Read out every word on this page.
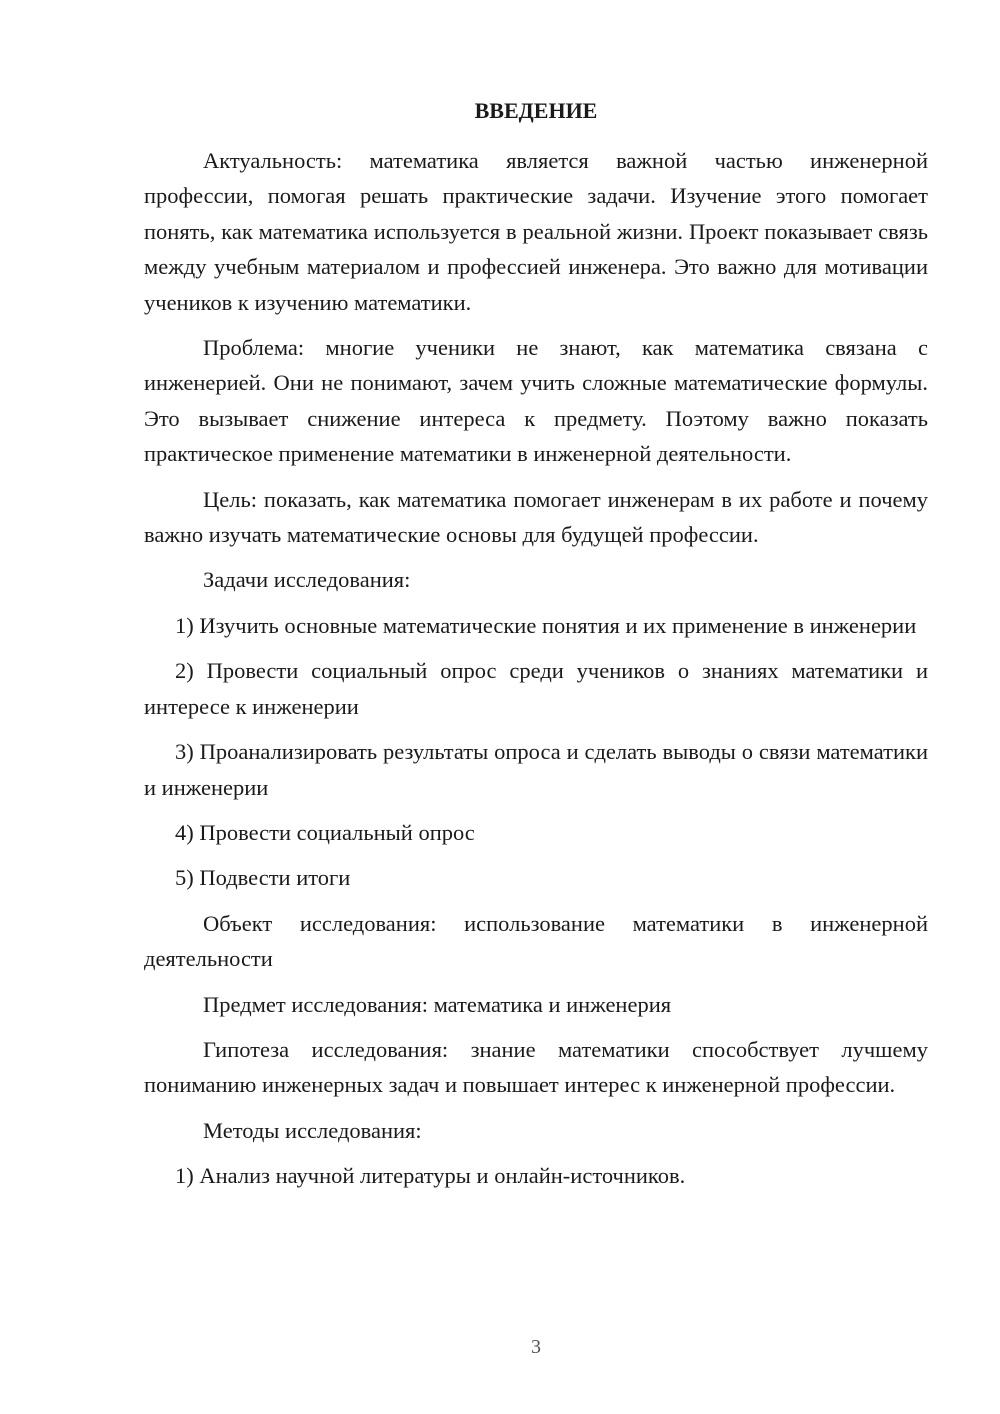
ВВЕДЕНИЕ

Актуальность: математика является важной частью инженерной профессии, помогая решать практические задачи. Изучение этого помогает понять, как математика используется в реальной жизни. Проект показывает связь между учебным материалом и профессией инженера. Это важно для мотивации учеников к изучению математики.

Проблема: многие ученики не знают, как математика связана с инженерией. Они не понимают, зачем учить сложные математические формулы. Это вызывает снижение интереса к предмету. Поэтому важно показать практическое применение математики в инженерной деятельности.

Цель: показать, как математика помогает инженерам в их работе и почему важно изучать математические основы для будущей профессии.

Задачи исследования:

1) Изучить основные математические понятия и их применение в инженерии

2) Провести социальный опрос среди учеников о знаниях математики и интересе к инженерии

3) Проанализировать результаты опроса и сделать выводы о связи математики и инженерии

4) Провести социальный опрос

5) Подвести итоги

Объект исследования: использование математики в инженерной деятельности

Предмет исследования: математика и инженерия

Гипотеза исследования: знание математики способствует лучшему пониманию инженерных задач и повышает интерес к инженерной профессии.

Методы исследования:

1) Анализ научной литературы и онлайн-источников.

3
